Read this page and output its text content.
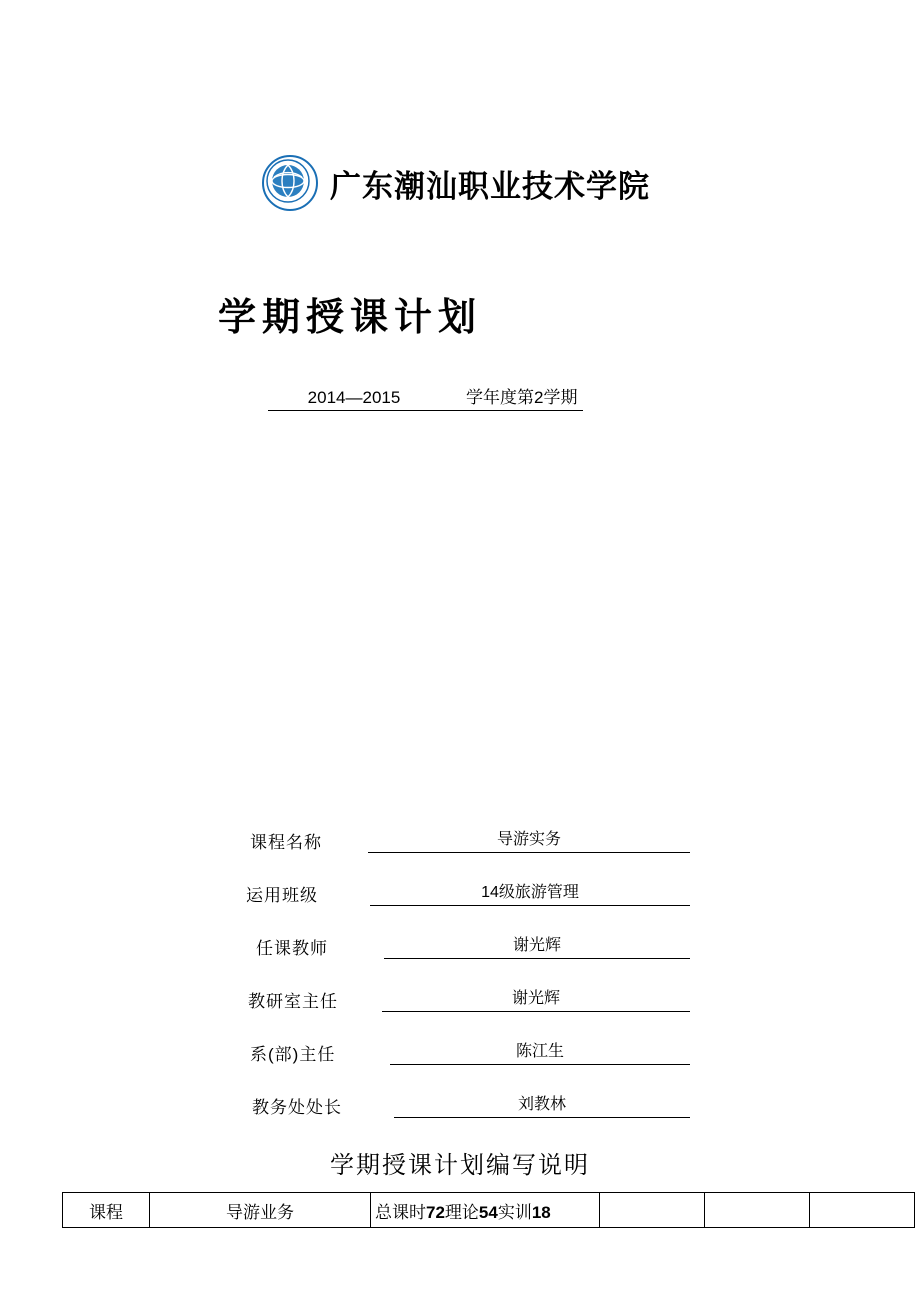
广东潮汕职业技术学院
学期授课计划
2014—2015	学年度第2学期
课程名称	导游实务
运用班级	14级旅游管理
任课教师	谢光辉
教研室主任	谢光辉
系(部)主任	陈江生
教务处处长	刘教林
学期授课计划编写说明
课程	导游业务	总课时 72 理论 54 实训 18
